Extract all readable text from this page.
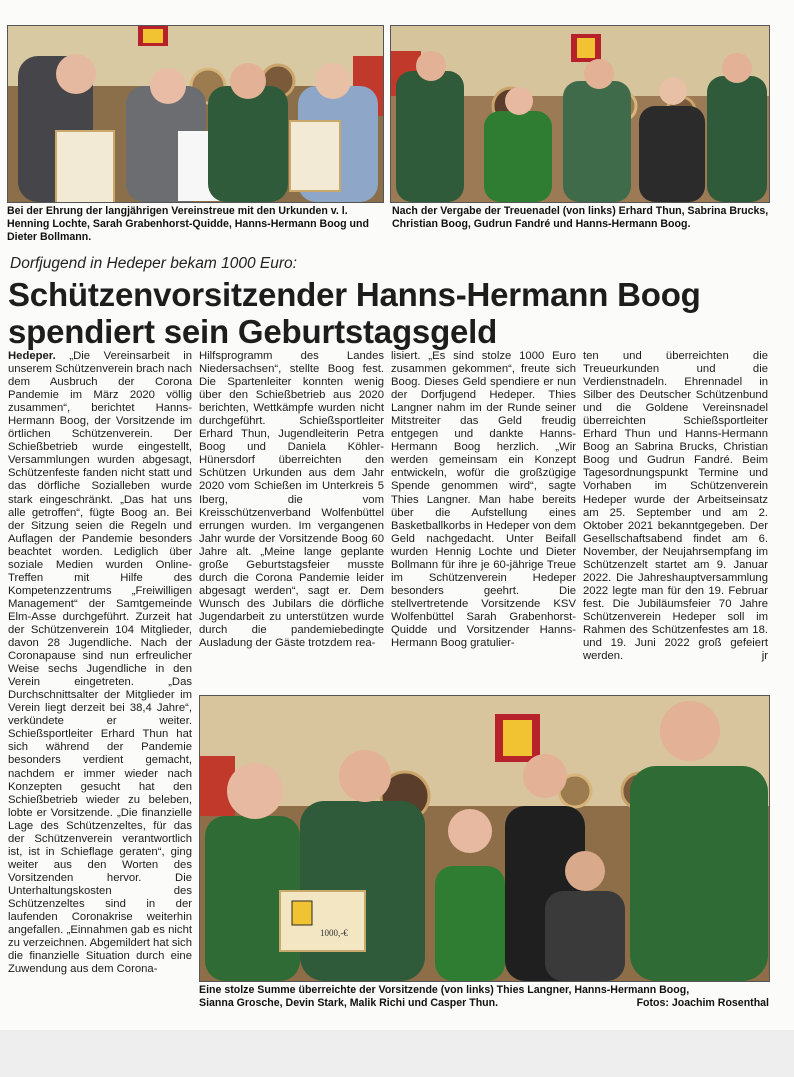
Bei der Ehrung der langjährigen Vereinstreue mit den Urkunden v. l. Henning Lochte, Sarah Grabenhorst-Quidde, Hanns-Hermann Boog und Dieter Bollmann.
Nach der Vergabe der Treuenadel (von links) Erhard Thun, Sabrina Brucks, Christian Boog, Gudrun Fandré und Hanns-Hermann Boog.
Dorfjugend in Hedeper bekam 1000 Euro:
Schützenvorsitzender Hanns-Hermann Boog
spendiert sein Geburtstagsgeld

Hedeper. „Die Vereinsarbeit in unserem Schützenverein brach nach dem Ausbruch der Corona Pandemie im März 2020 völlig zusammen“, berichtet Hanns-Hermann Boog, der Vorsitzende im örtlichen Schützenverein. Der Schießbetrieb wurde eingestellt, Versammlungen wurden abgesagt, Schützenfeste fanden nicht statt und das dörfliche Sozialleben wurde stark eingeschränkt. „Das hat uns alle getroffen“, fügte Boog an. Bei der Sitzung seien die Regeln und Auflagen der Pandemie besonders beachtet worden. Lediglich über soziale Medien wurden Online-Treffen mit Hilfe des Kompetenzzentrums „Freiwilligen Management“ der Samtgemeinde Elm-Asse durchgeführt. Zurzeit hat der Schützenverein 104 Mitglieder, davon 28 Jugendliche. Nach der Coronapause sind nun erfreulicher Weise sechs Jugendliche in den Verein eingetreten. „Das Durchschnittsalter der Mitglieder im Verein liegt derzeit bei 38,4 Jahre“, verkündete er weiter. Schießsportleiter Erhard Thun hat sich während der Pandemie besonders verdient gemacht, nachdem er immer wieder nach Konzepten gesucht hat den Schießbetrieb wieder zu beleben, lobte er Vorsitzende. „Die finanzielle Lage des Schützenzeltes, für das der Schützenverein verantwortlich ist, ist in Schieflage geraten“, ging weiter aus den Worten des Vorsitzenden hervor. Die Unterhaltungskosten des Schützenzeltes sind in der laufenden Coronakrise weiterhin angefallen. „Einnahmen gab es nicht zu verzeichnen. Abgemildert hat sich die finanzielle Situation durch eine Zuwendung aus dem Corona-

Hilfsprogramm des Landes Niedersachsen“, stellte Boog fest. Die Spartenleiter konnten wenig über den Schießbetrieb aus 2020 berichten, Wettkämpfe wurden nicht durchgeführt. Schießsportleiter Erhard Thun, Jugendleiterin Petra Boog und Daniela Köhler-Hünersdorf überreichten den Schützen Urkunden aus dem Jahr 2020 vom Schießen im Unterkreis 5 Iberg, die vom Kreisschützenverband Wolfenbüttel errungen wurden. Im vergangenen Jahr wurde der Vorsitzende Boog 60 Jahre alt. „Meine lange geplante große Geburtstagsfeier musste durch die Corona Pandemie leider abgesagt werden“, sagt er. Dem Wunsch des Jubilars die dörfliche Jugendarbeit zu unterstützen wurde durch die pandemiebedingte Ausladung der Gäste trotzdem rea-

lisiert. „Es sind stolze 1000 Euro zusammen gekommen“, freute sich Boog. Dieses Geld spendiere er nun der Dorfjugend Hedeper. Thies Langner nahm im der Runde seiner Mitstreiter das Geld freudig entgegen und dankte Hanns-Hermann Boog herzlich. „Wir werden gemeinsam ein Konzept entwickeln, wofür die großzügige Spende genommen wird“, sagte Thies Langner. Man habe bereits über die Aufstellung eines Basketballkorbs in Hedeper von dem Geld nachgedacht. Unter Beifall wurden Hennig Lochte und Dieter Bollmann für ihre je 60-jährige Treue im Schützenverein Hedeper besonders geehrt. Die stellvertretende Vorsitzende KSV Wolfenbüttel Sarah Grabenhorst-Quidde und Vorsitzender Hanns-Hermann Boog gratulier-

ten und überreichten die Treueurkunden und die Verdienstnadeln. Ehrennadel in Silber des Deutscher Schützenbund und die Goldene Vereinsnadel überreichten Schießsportleiter Erhard Thun und Hanns-Hermann Boog an Sabrina Brucks, Christian Boog und Gudrun Fandré. Beim Tagesordnungspunkt Termine und Vorhaben im Schützenverein Hedeper wurde der Arbeitseinsatz am 25. September und am 2. Oktober 2021 bekanntgegeben. Der Gesellschaftsabend findet am 6. November, der Neujahrsempfang im Schützenzelt startet am 9. Januar 2022. Die Jahreshauptversammlung 2022 legte man für den 19. Februar fest. Die Jubiläumsfeier 70 Jahre Schützenverein Hedeper soll im Rahmen des Schützenfestes am 18. und 19. Juni 2022 groß gefeiert werden.	jr

1000,-€
Eine stolze Summe überreichte der Vorsitzende (von links) Thies Langner, Hanns-Hermann Boog,
Sianna Grosche, Devin Stark, Malik Richi und Casper Thun.	Fotos: Joachim Rosenthal
